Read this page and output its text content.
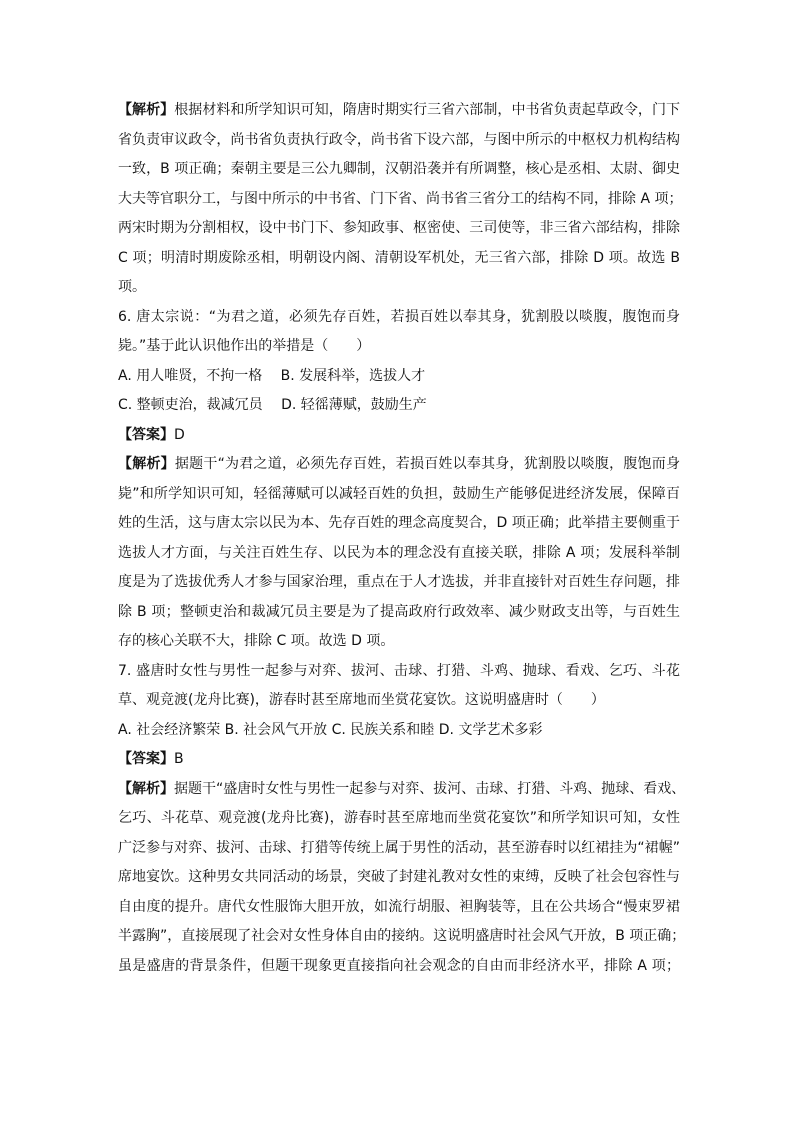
【解析】根据材料和所学知识可知，隋唐时期实行三省六部制，中书省负责起草政令，门下
省负责审议政令，尚书省负责执行政令，尚书省下设六部，与图中所示的中枢权力机构结构
一致，B 项正确；秦朝主要是三公九卿制，汉朝沿袭并有所调整，核心是丞相、太尉、御史
大夫等官职分工，与图中所示的中书省、门下省、尚书省三省分工的结构不同，排除 A 项；
两宋时期为分割相权，设中书门下、参知政事、枢密使、三司使等，非三省六部结构，排除
C 项；明清时期废除丞相，明朝设内阁、清朝设军机处，无三省六部，排除 D 项。故选 B
项。
6. 唐太宗说：“为君之道，必须先存百姓，若损百姓以奉其身，犹割股以啖腹，腹饱而身
毙。”基于此认识他作出的举措是（　　）
A. 用人唯贤，不拘一格　 B. 发展科举，选拔人才
C. 整顿吏治，裁减冗员　 D. 轻徭薄赋，鼓励生产
【答案】D
【解析】据题干“为君之道，必须先存百姓，若损百姓以奉其身，犹割股以啖腹，腹饱而身
毙”和所学知识可知，轻徭薄赋可以减轻百姓的负担，鼓励生产能够促进经济发展，保障百
姓的生活，这与唐太宗以民为本、先存百姓的理念高度契合，D 项正确；此举措主要侧重于
选拔人才方面，与关注百姓生存、以民为本的理念没有直接关联，排除 A 项；发展科举制
度是为了选拔优秀人才参与国家治理，重点在于人才选拔，并非直接针对百姓生存问题，排
除 B 项；整顿吏治和裁减冗员主要是为了提高政府行政效率、减少财政支出等，与百姓生
存的核心关联不大，排除 C 项。故选 D 项。
7. 盛唐时女性与男性一起参与对弈、拔河、击球、打猎、斗鸡、抛球、看戏、乞巧、斗花
草、观竞渡(龙舟比赛)，游春时甚至席地而坐赏花宴饮。这说明盛唐时（　　）
A. 社会经济繁荣 B. 社会风气开放 C. 民族关系和睦 D. 文学艺术多彩
【答案】B
【解析】据题干“盛唐时女性与男性一起参与对弈、拔河、击球、打猎、斗鸡、抛球、看戏、
乞巧、斗花草、观竞渡(龙舟比赛)，游春时甚至席地而坐赏花宴饮”和所学知识可知，女性
广泛参与对弈、拔河、击球、打猎等传统上属于男性的活动，甚至游春时以红裙挂为“裙幄”
席地宴饮。这种男女共同活动的场景，突破了封建礼教对女性的束缚，反映了社会包容性与
自由度的提升。唐代女性服饰大胆开放，如流行胡服、袒胸装等，且在公共场合“慢束罗裙
半露胸”，直接展现了社会对女性身体自由的接纳。这说明盛唐时社会风气开放，B 项正确；
虽是盛唐的背景条件，但题干现象更直接指向社会观念的自由而非经济水平，排除 A 项；
